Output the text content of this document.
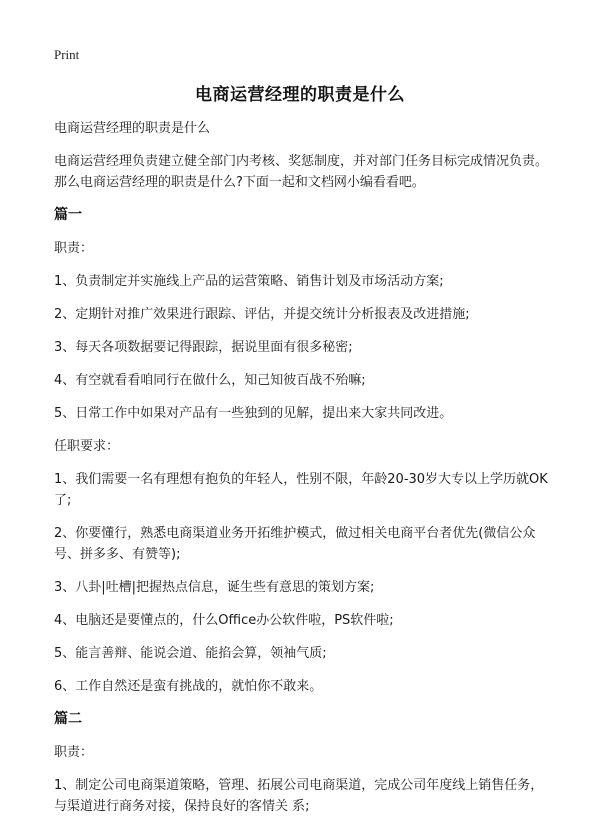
Print
电商运营经理的职责是什么

电商运营经理的职责是什么

电商运营经理负责建立健全部门内考核、奖惩制度，并对部门任务目标完成情况负责。那么电商运营经理的职责是什么?下面一起和文档网小编看看吧。

篇一

职责：

1、负责制定并实施线上产品的运营策略、销售计划及市场活动方案;

2、定期针对推广效果进行跟踪、评估，并提交统计分析报表及改进措施;

3、每天各项数据要记得跟踪，据说里面有很多秘密;

4、有空就看看咱同行在做什么，知己知彼百战不殆嘛;

5、日常工作中如果对产品有一些独到的见解，提出来大家共同改进。

任职要求：

1、我们需要一名有理想有抱负的年轻人，性别不限，年龄20-30岁大专以上学历就OK了;

2、你要懂行，熟悉电商渠道业务开拓维护模式，做过相关电商平台者优先(微信公众号、拼多多、有赞等);

3、八卦|吐槽|把握热点信息，诞生些有意思的策划方案;

4、电脑还是要懂点的，什么Office办公软件啦，PS软件啦;

5、能言善辩、能说会道、能掐会算，领袖气质;

6、工作自然还是蛮有挑战的，就怕你不敢来。

篇二

职责：

1、制定公司电商渠道策略，管理、拓展公司电商渠道，完成公司年度线上销售任务，与渠道进行商务对接，保持良好的客情关 系;
